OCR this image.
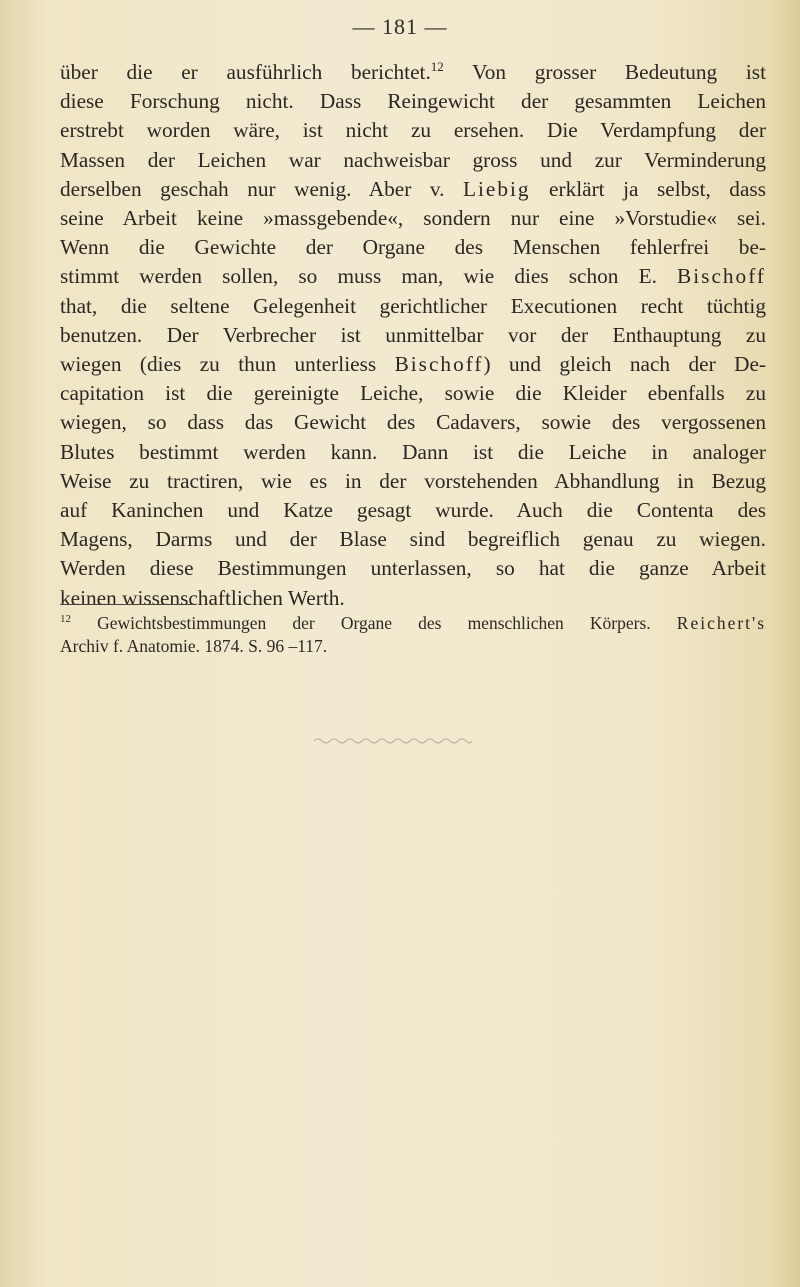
— 181 —
über die er ausführlich berichtet.$^{12}$ Von grosser Bedeutung ist
diese Forschung nicht. Dass Reingewicht der gesammten Leichen
erstrebt worden wäre, ist nicht zu ersehen. Die Verdampfung der
Massen der Leichen war nachweisbar gross und zur Verminderung
derselben geschah nur wenig. Aber v. Liebig erklärt ja selbst, dass
seine Arbeit keine »massgebende«, sondern nur eine »Vorstudie« sei.
Wenn die Gewichte der Organe des Menschen fehlerfrei be-
stimmt werden sollen, so muss man, wie dies schon E. Bischoff
that, die seltene Gelegenheit gerichtlicher Executionen recht tüchtig
benutzen. Der Verbrecher ist unmittelbar vor der Enthauptung zu
wiegen (dies zu thun unterliess Bischoff) und gleich nach der De-
capitation ist die gereinigte Leiche, sowie die Kleider ebenfalls zu
wiegen, so dass das Gewicht des Cadavers, sowie des vergossenen
Blutes bestimmt werden kann. Dann ist die Leiche in analoger
Weise zu tractiren, wie es in der vorstehenden Abhandlung in Bezug
auf Kaninchen und Katze gesagt wurde. Auch die Contenta des
Magens, Darms und der Blase sind begreiflich genau zu wiegen.
Werden diese Bestimmungen unterlassen, so hat die ganze Arbeit
keinen wissenschaftlichen Werth.
$^{12}$ Gewichtsbestimmungen der Organe des menschlichen Körpers. Reichert's
Archiv f. Anatomie. 1874. S. 96 –117.
